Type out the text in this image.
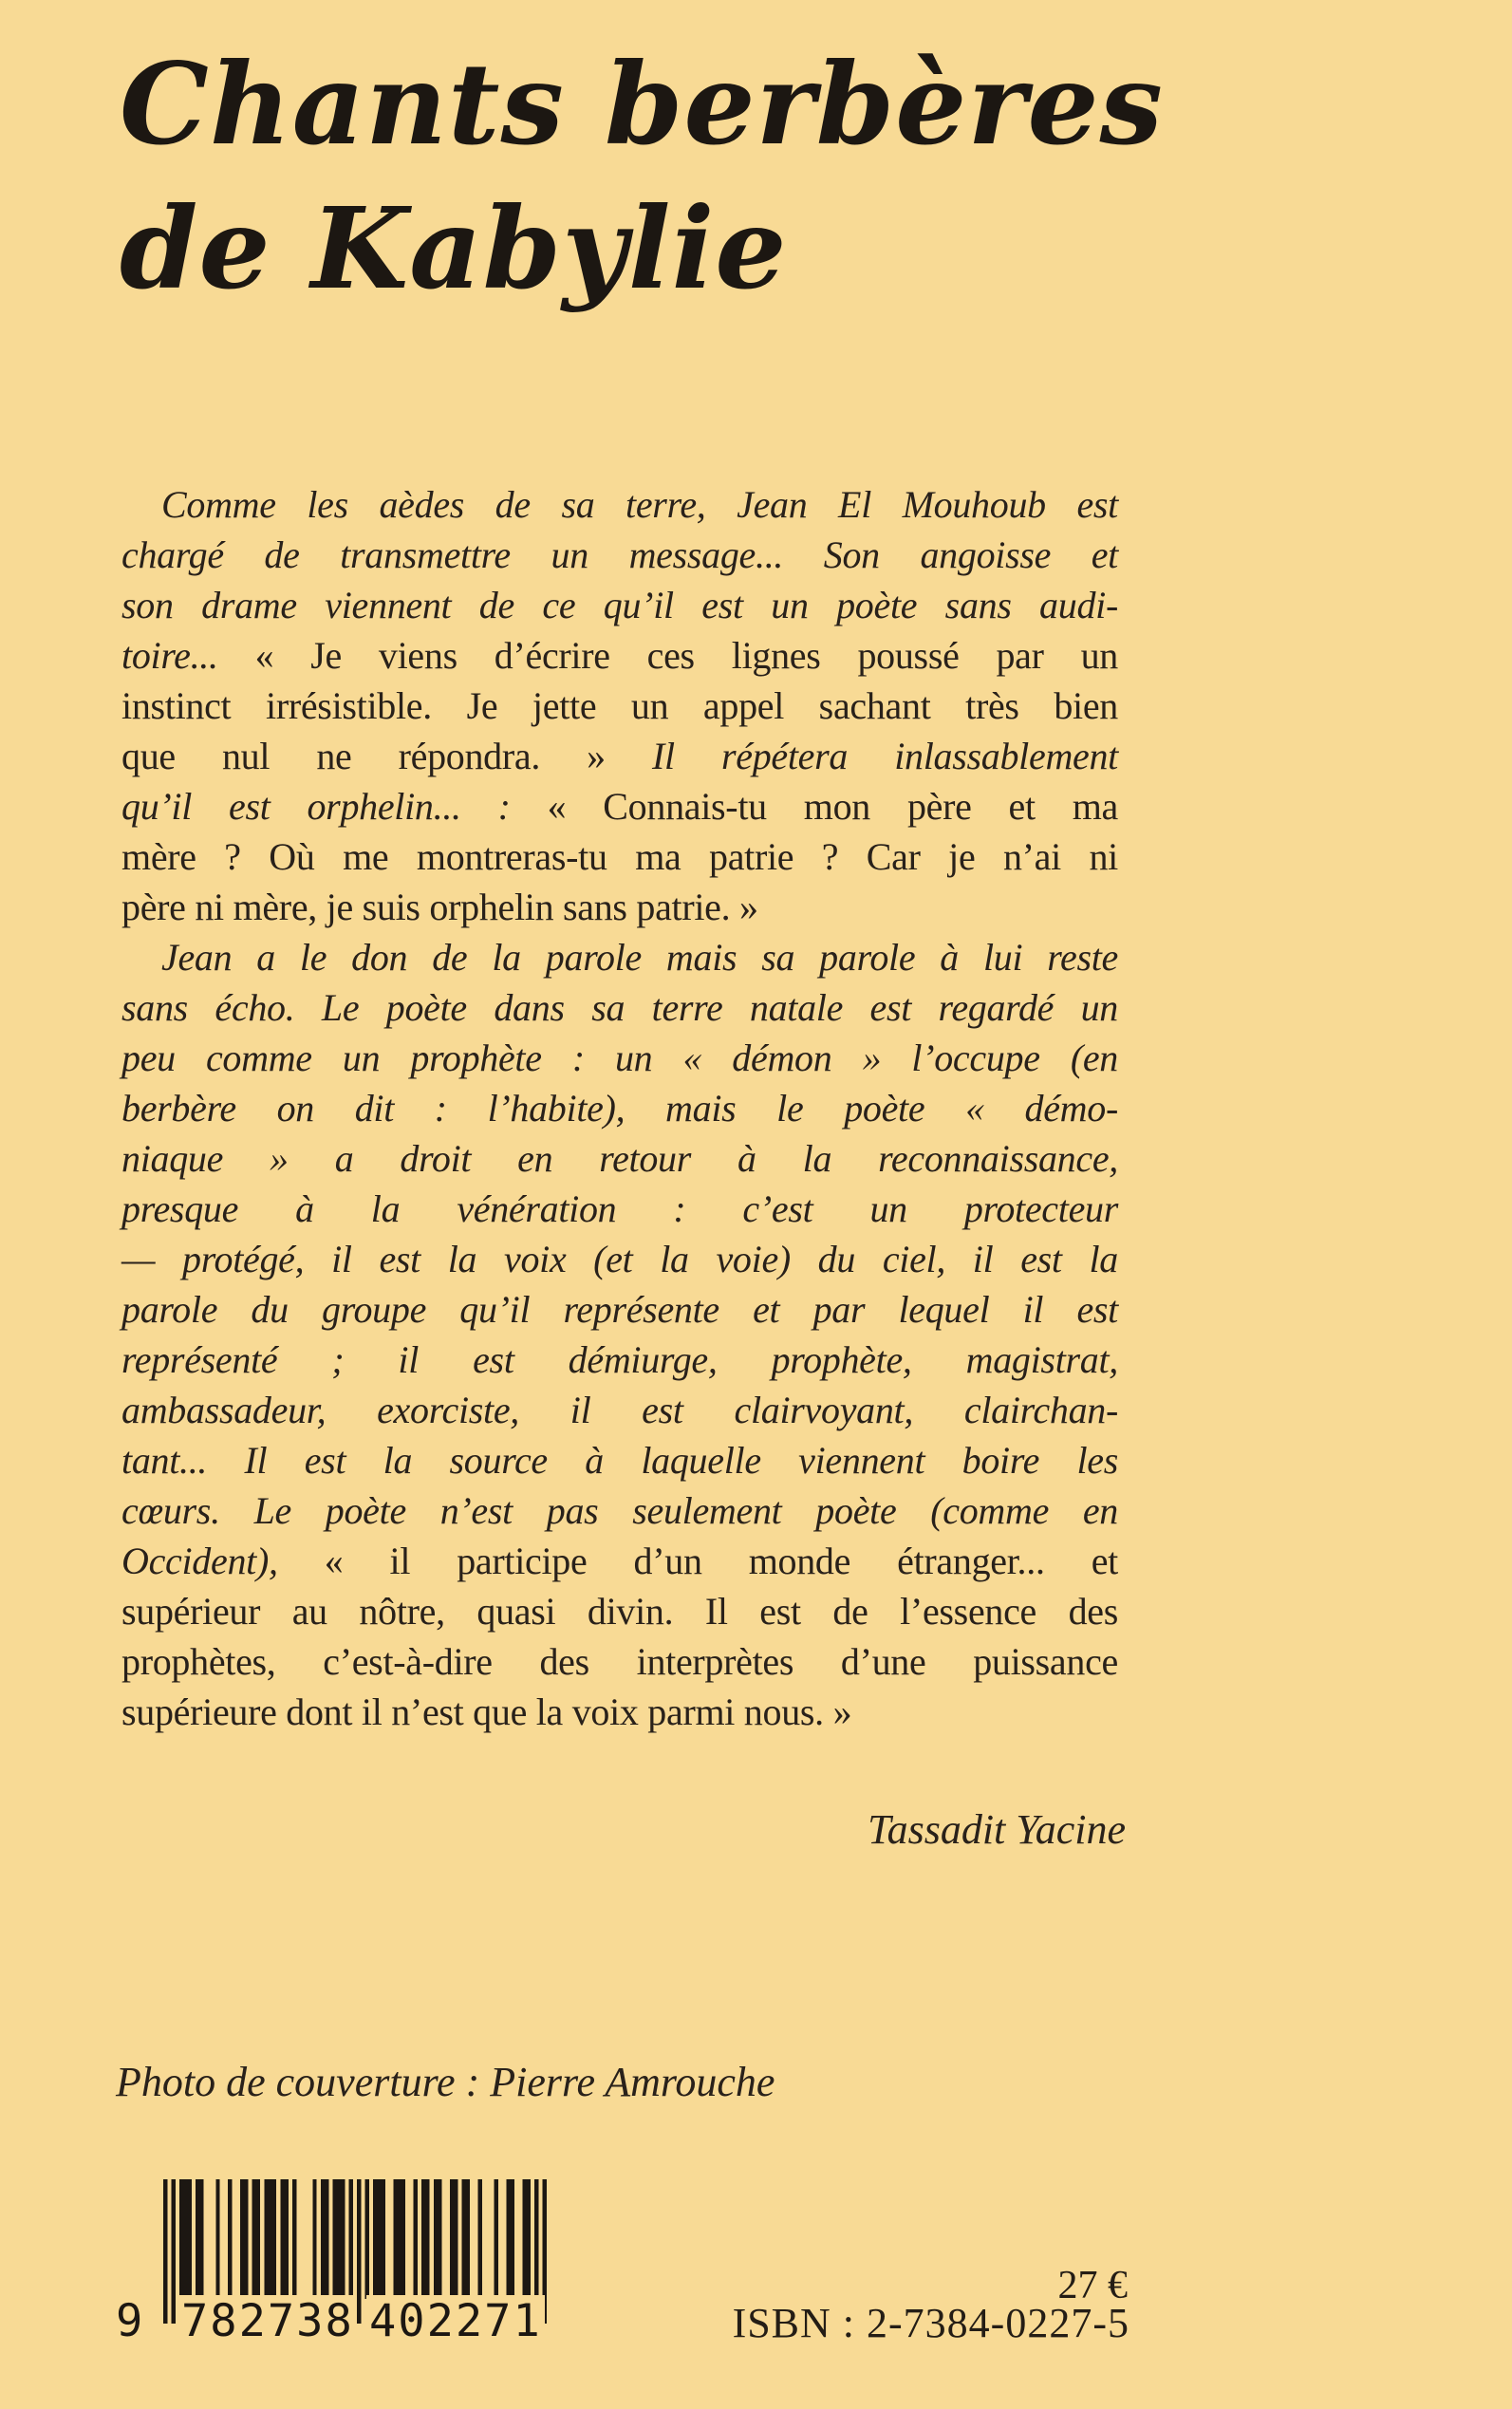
Chants berbères
de Kabylie
Comme les aèdes de sa terre, Jean El Mouhoub est
chargé de transmettre un message... Son angoisse et
son drame viennent de ce qu’il est un poète sans audi-
toire... « Je viens d’écrire ces lignes poussé par un
instinct irrésistible. Je jette un appel sachant très bien
que nul ne répondra. » Il répétera inlassablement
qu’il est orphelin... : « Connais-tu mon père et ma
mère ? Où me montreras-tu ma patrie ? Car je n’ai ni
père ni mère, je suis orphelin sans patrie. »
Jean a le don de la parole mais sa parole à lui reste
sans écho. Le poète dans sa terre natale est regardé un
peu comme un prophète : un « démon » l’occupe (en
berbère on dit : l’habite), mais le poète « démo-
niaque » a droit en retour à la reconnaissance,
presque à la vénération : c’est un protecteur
— protégé, il est la voix (et la voie) du ciel, il est la
parole du groupe qu’il représente et par lequel il est
représenté ; il est démiurge, prophète, magistrat,
ambassadeur, exorciste, il est clairvoyant, clairchan-
tant... Il est la source à laquelle viennent boire les
cœurs. Le poète n’est pas seulement poète (comme en
Occident), « il participe d’un monde étranger... et
supérieur au nôtre, quasi divin. Il est de l’essence des
prophètes, c’est-à-dire des interprètes d’une puissance
supérieure dont il n’est que la voix parmi nous. »
Tassadit Yacine
Photo de couverture : Pierre Amrouche
9 782738 402271
27 €
ISBN : 2-7384-0227-5
